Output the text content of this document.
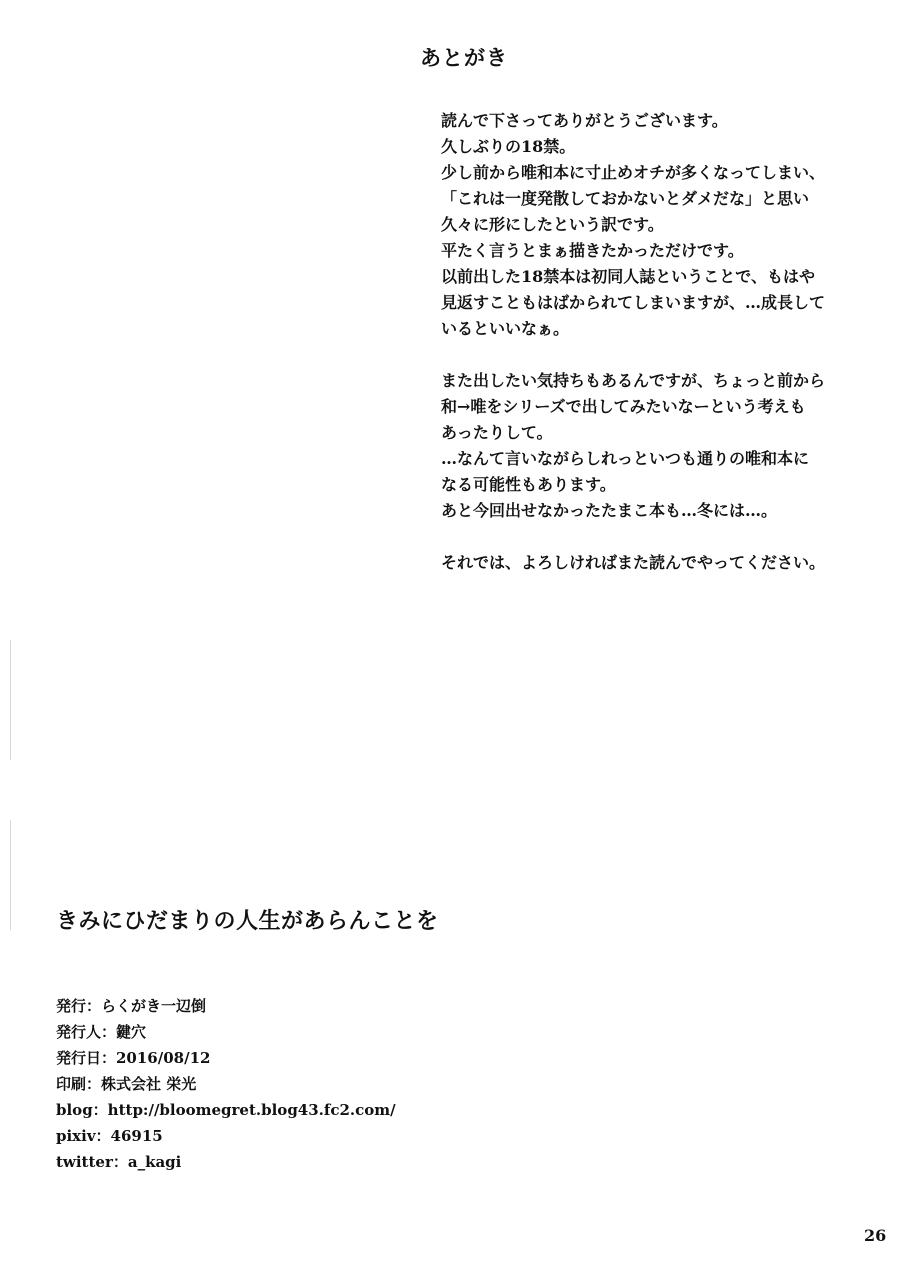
あとがき
読んで下さってありがとうございます。
久しぶりの18禁。
少し前から唯和本に寸止めオチが多くなってしまい、
「これは一度発散しておかないとダメだな」と思い
久々に形にしたという訳です。
平たく言うとまぁ描きたかっただけです。
以前出した18禁本は初同人誌ということで、もはや
見返すこともはばかられてしまいますが、…成長して
いるといいなぁ。
また出したい気持ちもあるんですが、ちょっと前から
和→唯をシリーズで出してみたいなーという考えも
あったりして。
…なんて言いながらしれっといつも通りの唯和本に
なる可能性もあります。
あと今回出せなかったたまこ本も…冬には…。
それでは、よろしければまた読んでやってください。
きみにひだまりの人生があらんことを
発行：らくがき一辺倒
発行人：鍵穴
発行日：2016/08/12
印刷：株式会社 栄光
blog：http://bloomegret.blog43.fc2.com/
pixiv：46915
twitter：a_kagi
26
